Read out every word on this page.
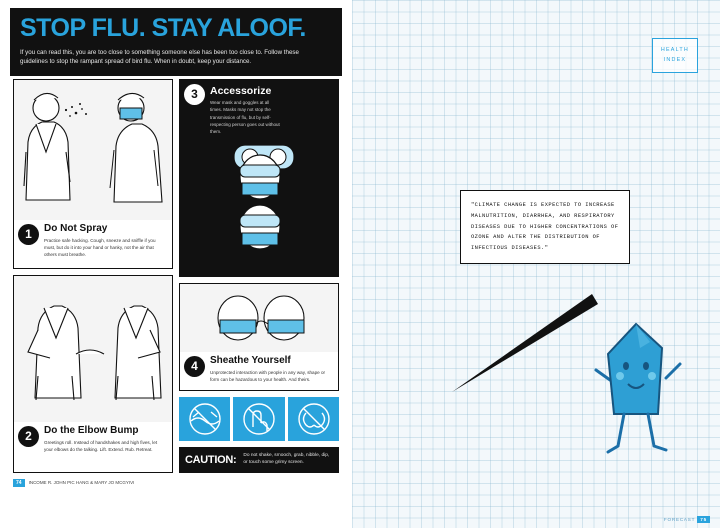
STOP FLU. STAY ALOOF.
If you can read this, you are too close to something someone else has been too close to. Follow these guidelines to stop the rampant spread of bird flu. When in doubt, keep your distance.
1	Do Not Spray
Practice safe hacking. Cough, sneeze and sniffle if you must, but do it into your hand or hanky, not the air that others must breathe.
2	Do the Elbow Bump
Greetings roll. Instead of handshakes and high fives, let your elbows do the talking. Lift. Extend. Rub. Retreat.
3	Accessorize
Wear mask and goggles at all times. Masks may not stop the transmission of flu, but by self-respecting person goes out without them.
4	Sheathe Yourself
Unprotected interaction with people in any way, shape or form can be hazardous to your health. And theirs.
CAUTION: Do not shake, smooch, grab, nibble, dip, or touch some grimy screen.
74	INCOME R. JOHN PIC HANG & MARY JO MCGYIVI
HEALTH
INDEX

"CLIMATE CHANGE IS EXPECTED TO INCREASE MALNUTRITION, DIARRHEA, AND RESPIRATORY DISEASES DUE TO HIGHER CONCENTRATIONS OF OZONE AND ALTER THE DISTRIBUTION OF INFECTIOUS DISEASES."

FORECAST 75
